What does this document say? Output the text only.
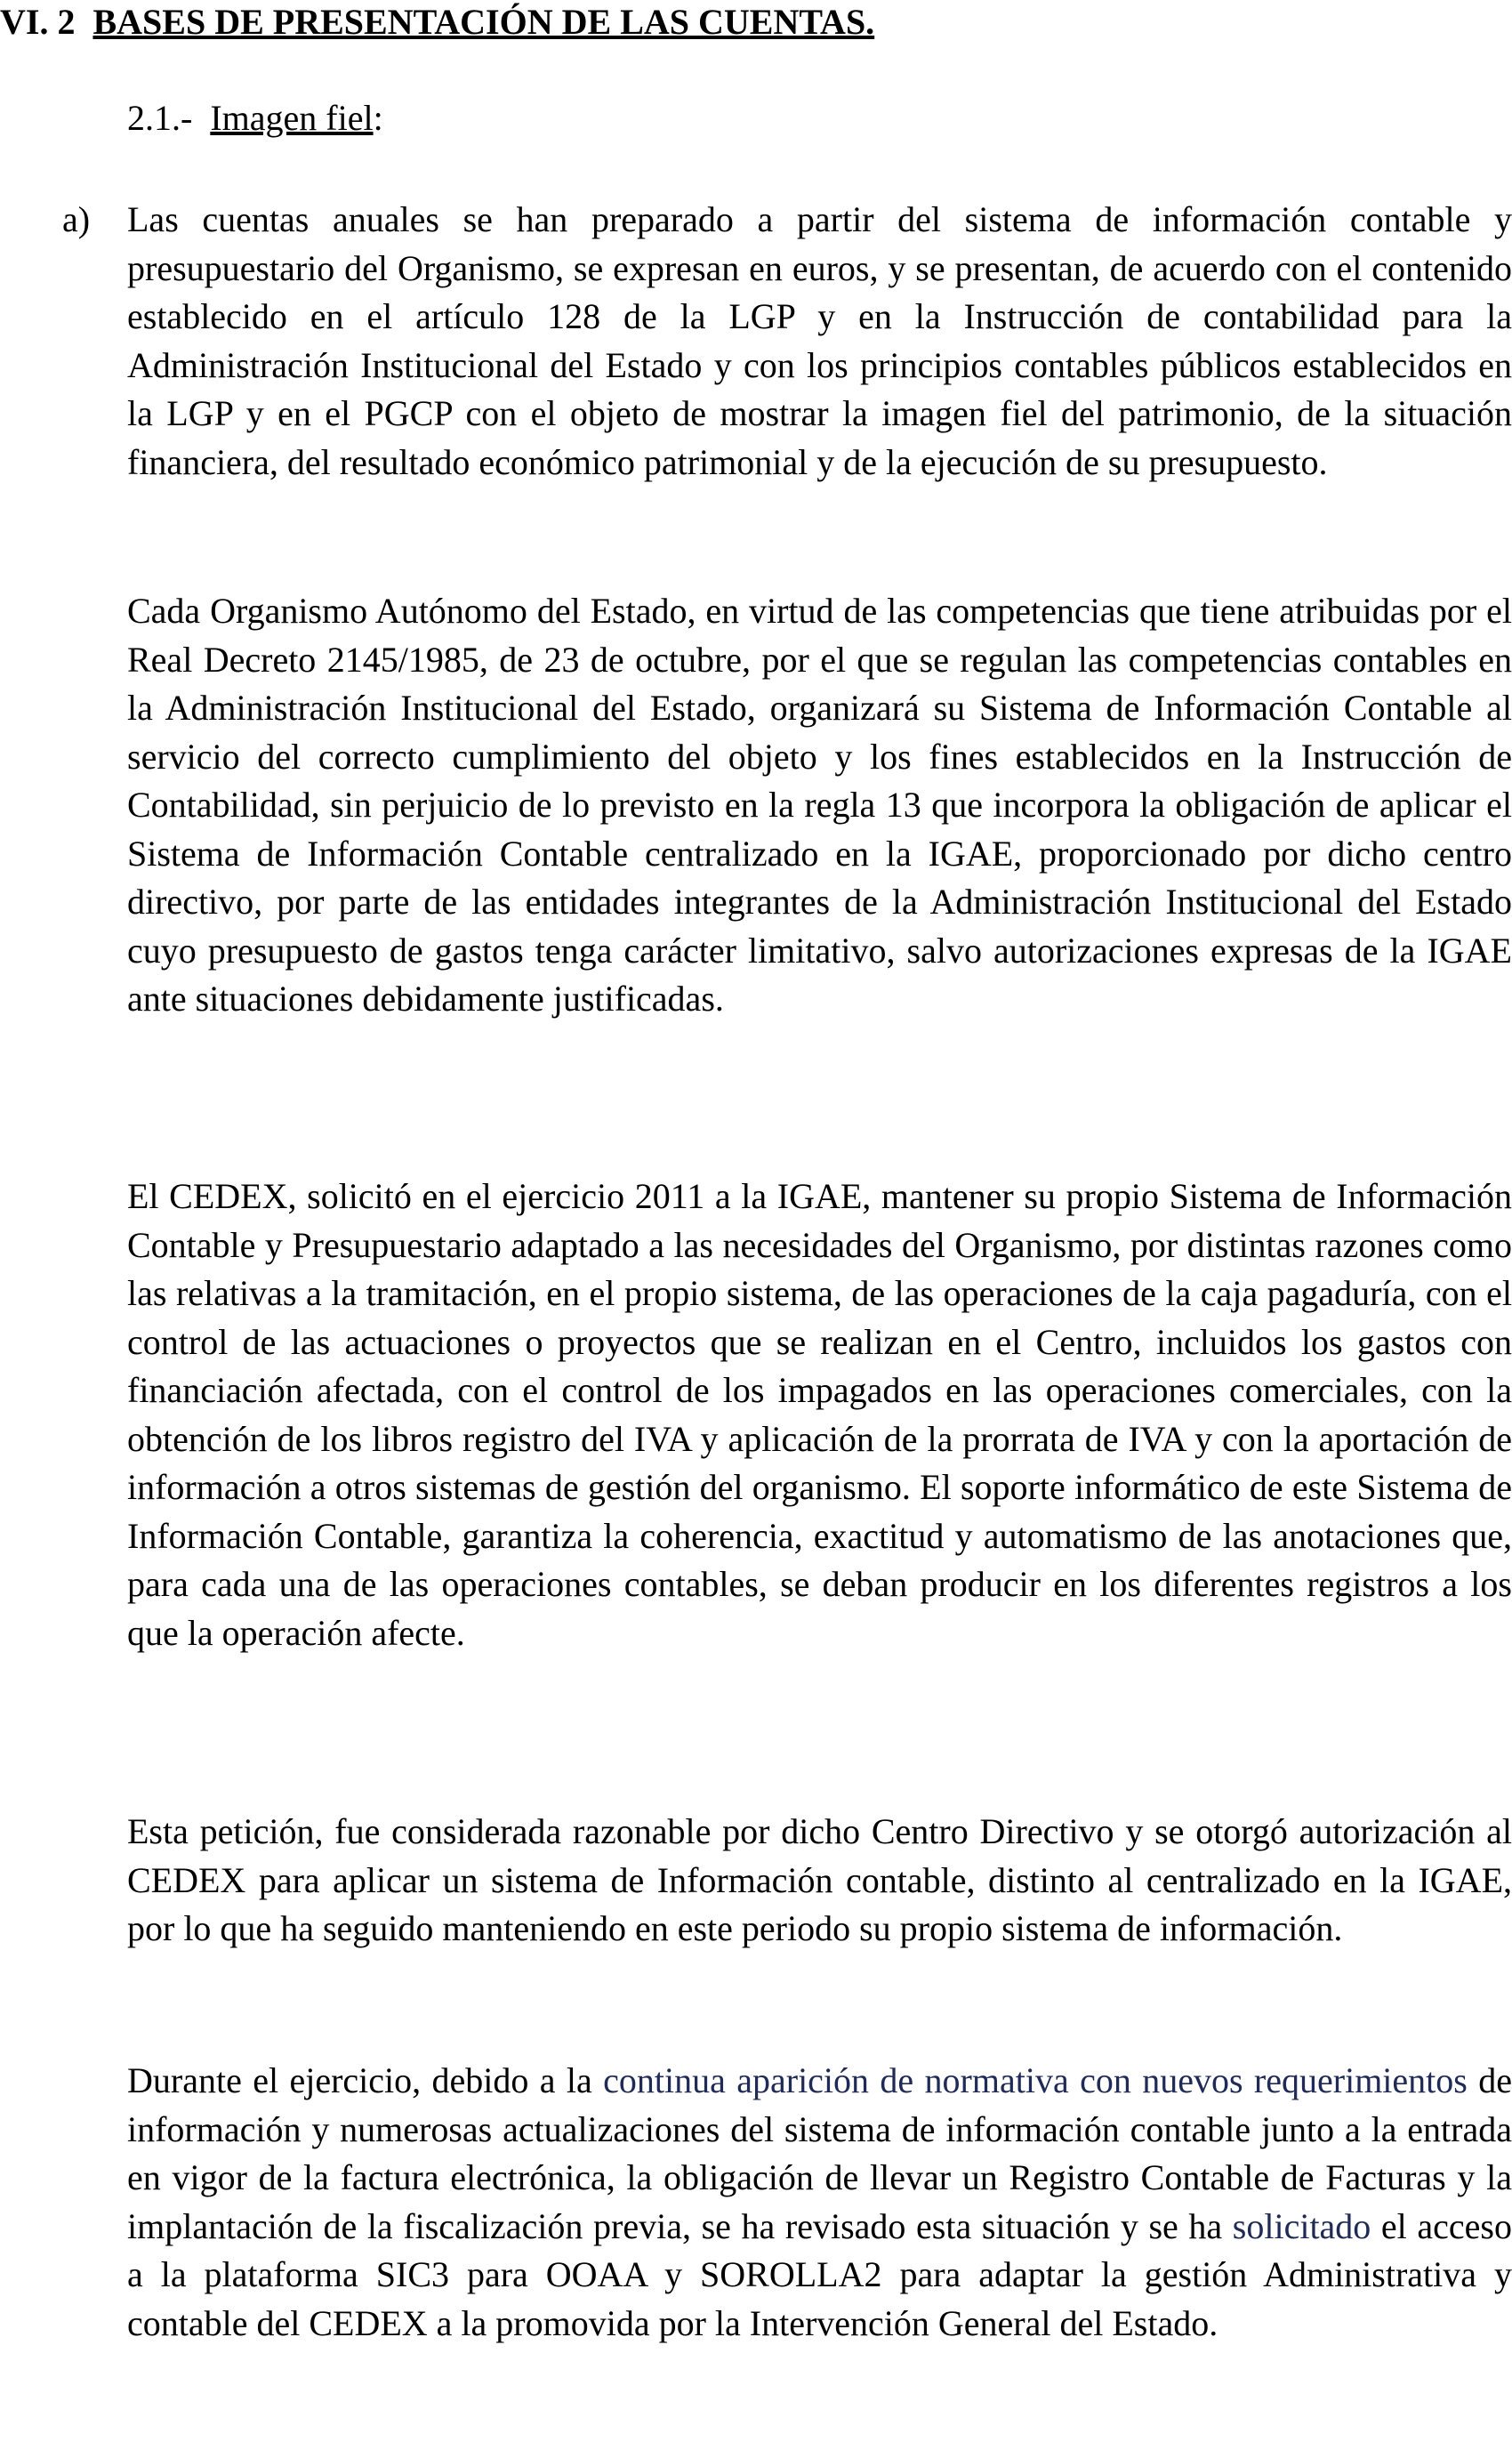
VI. 2 BASES DE PRESENTACIÓN DE LAS CUENTAS.
2.1.- Imagen fiel:
a) Las cuentas anuales se han preparado a partir del sistema de información contable y presupuestario del Organismo, se expresan en euros, y se presentan, de acuerdo con el contenido establecido en el artículo 128 de la LGP y en la Instrucción de contabilidad para la Administración Institucional del Estado y con los principios contables públicos establecidos en la LGP y en el PGCP con el objeto de mostrar la imagen fiel del patrimonio, de la situación financiera, del resultado económico patrimonial y de la ejecución de su presupuesto.

Cada Organismo Autónomo del Estado, en virtud de las competencias que tiene atribuidas por el Real Decreto 2145/1985, de 23 de octubre, por el que se regulan las competencias contables en la Administración Institucional del Estado, organizará su Sistema de Información Contable al servicio del correcto cumplimiento del objeto y los fines establecidos en la Instrucción de Contabilidad, sin perjuicio de lo previsto en la regla 13 que incorpora la obligación de aplicar el Sistema de Información Contable centralizado en la IGAE, proporcionado por dicho centro directivo, por parte de las entidades integrantes de la Administración Institucional del Estado cuyo presupuesto de gastos tenga carácter limitativo, salvo autorizaciones expresas de la IGAE ante situaciones debidamente justificadas.

El CEDEX, solicitó en el ejercicio 2011 a la IGAE, mantener su propio Sistema de Información Contable y Presupuestario adaptado a las necesidades del Organismo, por distintas razones como las relativas a la tramitación, en el propio sistema, de las operaciones de la caja pagaduría, con el control de las actuaciones o proyectos que se realizan en el Centro, incluidos los gastos con financiación afectada, con el control de los impagados en las operaciones comerciales, con la obtención de los libros registro del IVA y aplicación de la prorrata de IVA y con la aportación de información a otros sistemas de gestión del organismo. El soporte informático de este Sistema de Información Contable, garantiza la coherencia, exactitud y automatismo de las anotaciones que, para cada una de las operaciones contables, se deban producir en los diferentes registros a los que la operación afecte.

Esta petición, fue considerada razonable por dicho Centro Directivo y se otorgó autorización al CEDEX para aplicar un sistema de Información contable, distinto al centralizado en la IGAE, por lo que ha seguido manteniendo en este periodo su propio sistema de información.

Durante el ejercicio, debido a la continua aparición de normativa con nuevos requerimientos de información y numerosas actualizaciones del sistema de información contable junto a la entrada en vigor de la factura electrónica, la obligación de llevar un Registro Contable de Facturas y la implantación de la fiscalización previa, se ha revisado esta situación y se ha solicitado el acceso a la plataforma SIC3 para OOAA y SOROLLA2 para adaptar la gestión Administrativa y contable del CEDEX a la promovida por la Intervención General del Estado.
